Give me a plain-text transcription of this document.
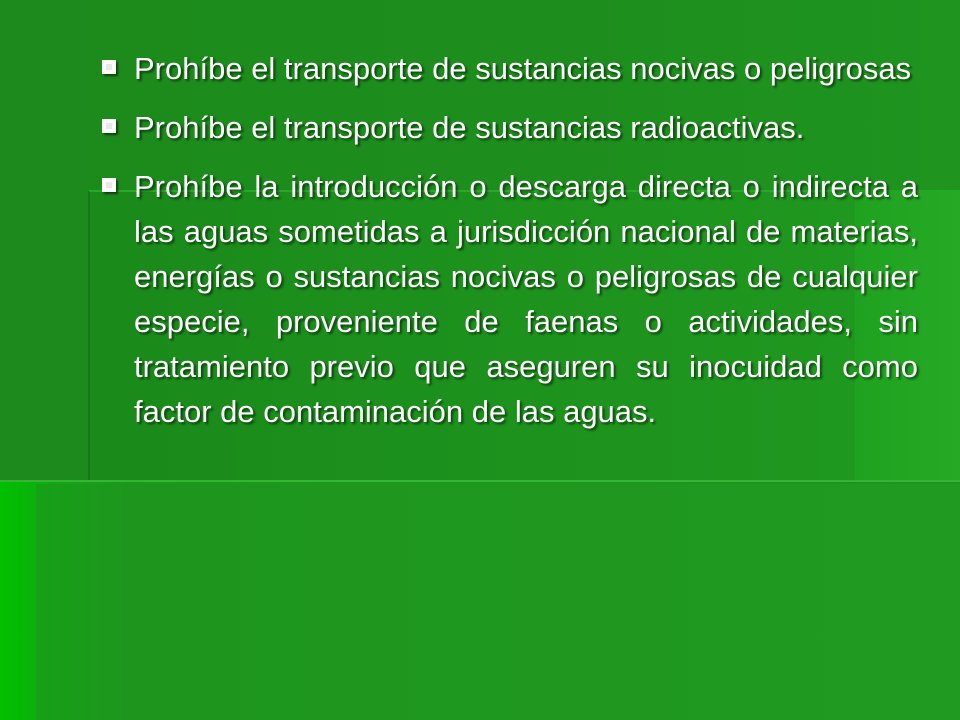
Prohíbe el transporte de sustancias nocivas o peligrosas
Prohíbe el transporte de sustancias radioactivas.
Prohíbe la introducción o descarga directa o indirecta a las aguas sometidas a jurisdicción nacional de materias, energías o sustancias nocivas o peligrosas de cualquier especie, proveniente de faenas o actividades, sin tratamiento previo que aseguren su inocuidad como factor de contaminación de las aguas.
